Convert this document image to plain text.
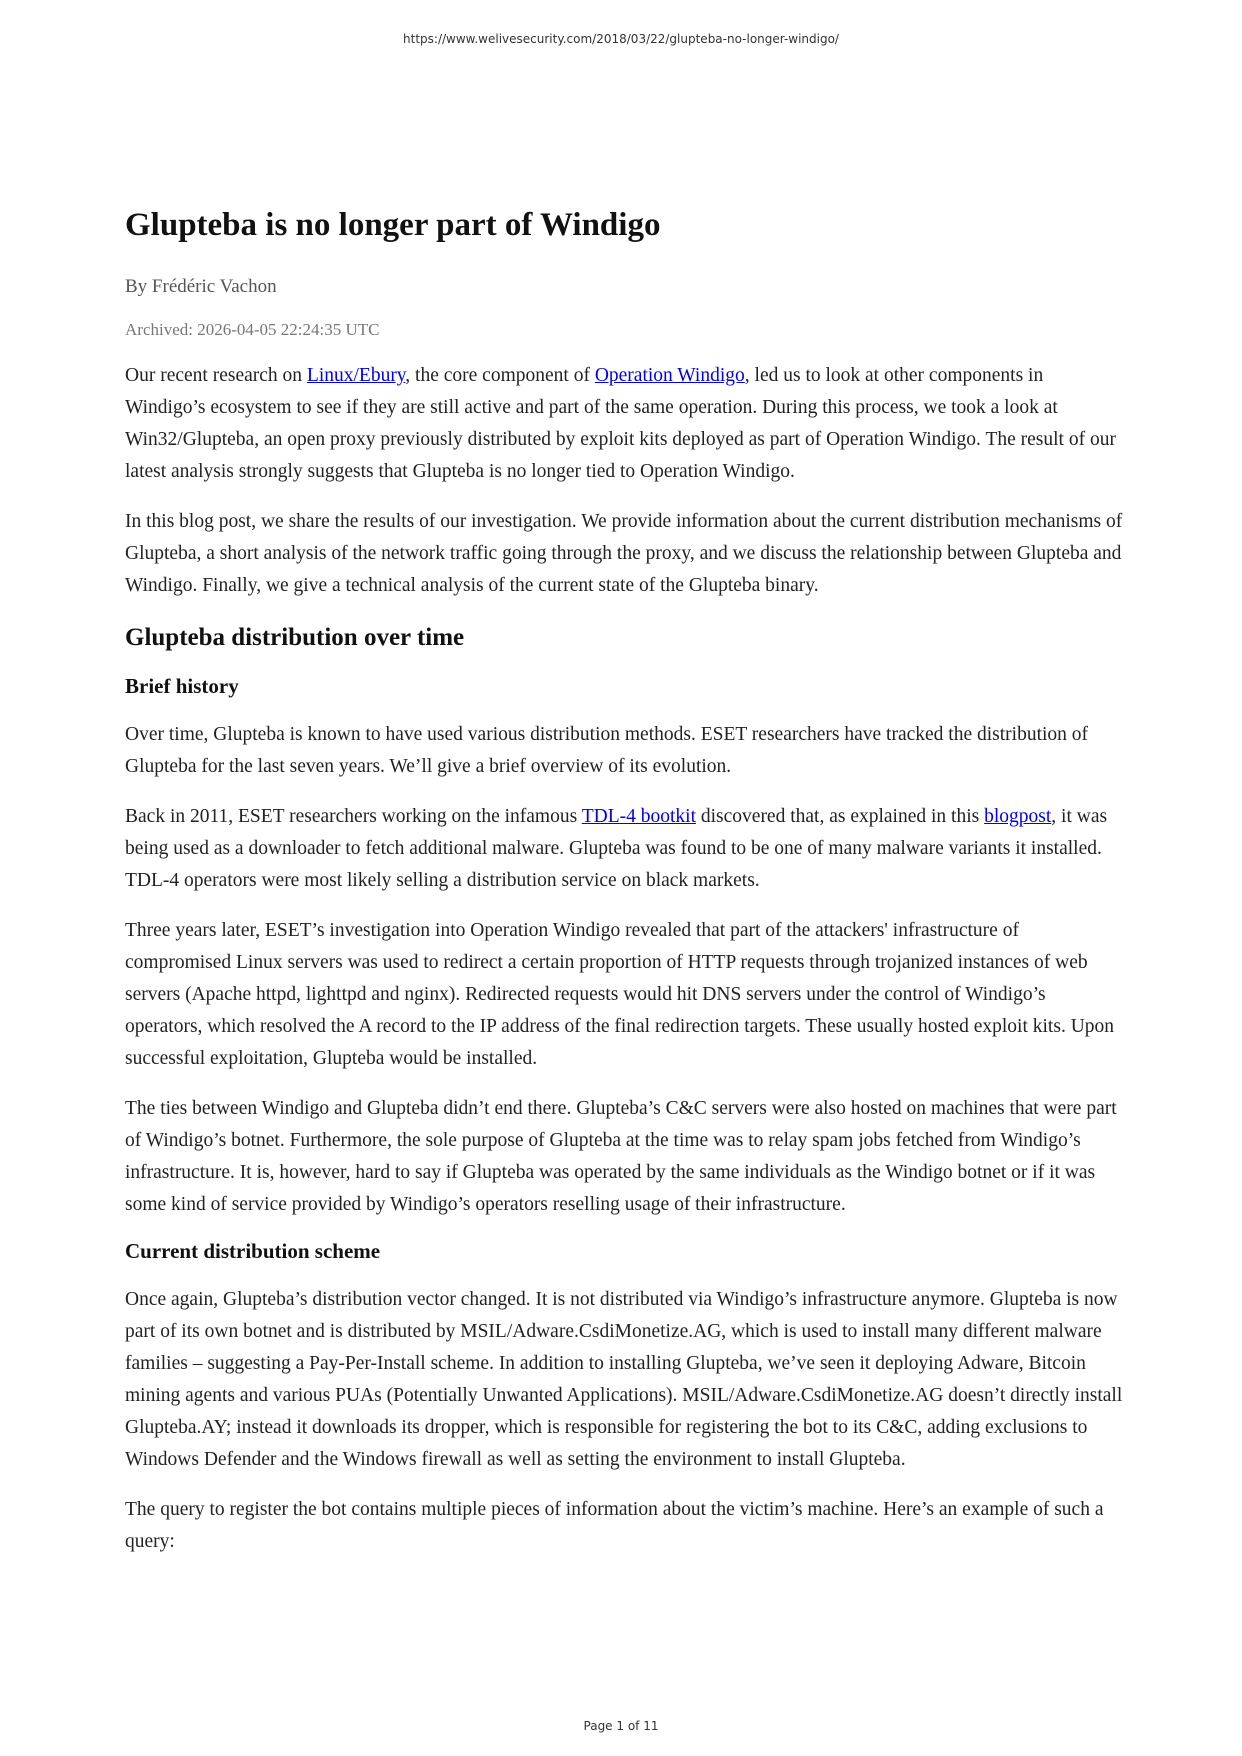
https://www.welivesecurity.com/2018/03/22/glupteba-no-longer-windigo/
Glupteba is no longer part of Windigo
By Frédéric Vachon
Archived: 2026-04-05 22:24:35 UTC

Our recent research on Linux/Ebury, the core component of Operation Windigo, led us to look at other components in Windigo’s ecosystem to see if they are still active and part of the same operation. During this process, we took a look at Win32/Glupteba, an open proxy previously distributed by exploit kits deployed as part of Operation Windigo. The result of our latest analysis strongly suggests that Glupteba is no longer tied to Operation Windigo.

In this blog post, we share the results of our investigation. We provide information about the current distribution mechanisms of Glupteba, a short analysis of the network traffic going through the proxy, and we discuss the relationship between Glupteba and Windigo. Finally, we give a technical analysis of the current state of the Glupteba binary.

Glupteba distribution over time
Brief history

Over time, Glupteba is known to have used various distribution methods. ESET researchers have tracked the distribution of Glupteba for the last seven years. We’ll give a brief overview of its evolution.

Back in 2011, ESET researchers working on the infamous TDL-4 bootkit discovered that, as explained in this blogpost, it was being used as a downloader to fetch additional malware. Glupteba was found to be one of many malware variants it installed. TDL-4 operators were most likely selling a distribution service on black markets.

Three years later, ESET’s investigation into Operation Windigo revealed that part of the attackers' infrastructure of compromised Linux servers was used to redirect a certain proportion of HTTP requests through trojanized instances of web servers (Apache httpd, lighttpd and nginx). Redirected requests would hit DNS servers under the control of Windigo’s operators, which resolved the A record to the IP address of the final redirection targets. These usually hosted exploit kits. Upon successful exploitation, Glupteba would be installed.

The ties between Windigo and Glupteba didn’t end there. Glupteba’s C&C servers were also hosted on machines that were part of Windigo’s botnet. Furthermore, the sole purpose of Glupteba at the time was to relay spam jobs fetched from Windigo’s infrastructure. It is, however, hard to say if Glupteba was operated by the same individuals as the Windigo botnet or if it was some kind of service provided by Windigo’s operators reselling usage of their infrastructure.

Current distribution scheme

Once again, Glupteba’s distribution vector changed. It is not distributed via Windigo’s infrastructure anymore. Glupteba is now part of its own botnet and is distributed by MSIL/Adware.CsdiMonetize.AG, which is used to install many different malware families – suggesting a Pay-Per-Install scheme. In addition to installing Glupteba, we’ve seen it deploying Adware, Bitcoin mining agents and various PUAs (Potentially Unwanted Applications). MSIL/Adware.CsdiMonetize.AG doesn’t directly install Glupteba.AY; instead it downloads its dropper, which is responsible for registering the bot to its C&C, adding exclusions to Windows Defender and the Windows firewall as well as setting the environment to install Glupteba.

The query to register the bot contains multiple pieces of information about the victim’s machine. Here’s an example of such a query:

Page 1 of 11
